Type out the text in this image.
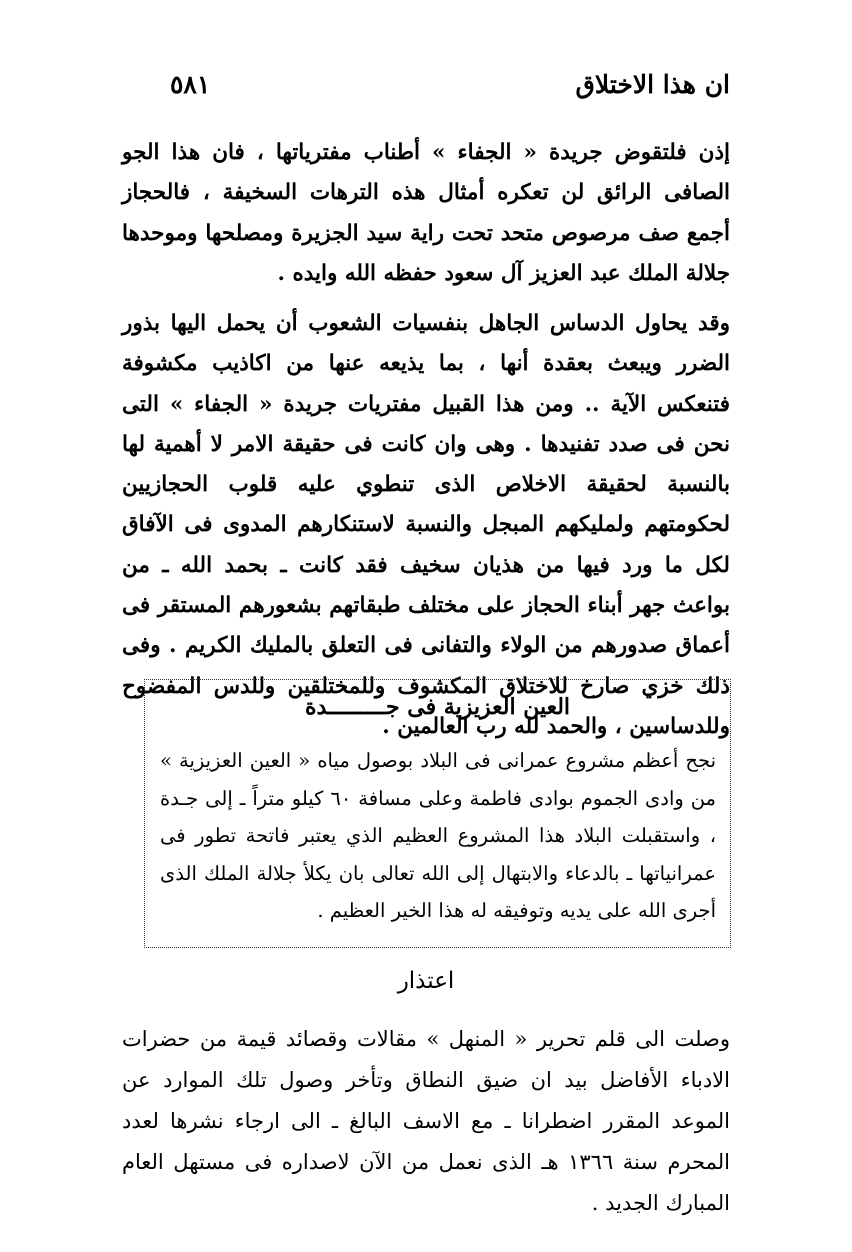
ان هذا الاختلاق
٥٨١

إذن فلتقوض جريدة « الجفاء » أطناب مفترياتها ، فان هذا الجو الصافى الرائق لن تعكره أمثال هذه الترهات السخيفة ، فالحجاز أجمع صف مرصوص متحد تحت راية سيد الجزيرة ومصلحها وموحدها جلالة الملك عبد العزيز آل سعود حفظه الله وايده .

وقد يحاول الدساس الجاهل بنفسيات الشعوب أن يحمل اليها بذور الضرر ويبعث بعقدة أنها ، بما يذيعه عنها من اكاذيب مكشوفة فتنعكس الآية .. ومن هذا القبيل مفتريات جريدة « الجفاء » التى نحن فى صدد تفنيدها . وهى وان كانت فى حقيقة الامر لا أهمية لها بالنسبة لحقيقة الاخلاص الذى تنطوي عليه قلوب الحجازيين لحكومتهم ولمليكهم المبجل والنسبة لاستنكارهم المدوى فى الآفاق لكل ما ورد فيها من هذيان سخيف فقد كانت ـ بحمد الله ـ من بواعث جهر أبناء الحجاز على مختلف طبقاتهم بشعورهم المستقر فى أعماق صدورهم من الولاء والتفانى فى التعلق بالمليك الكريم . وفى ذلك خزي صارخ للاختلاق المكشوف وللمختلقين وللدس المفضوح وللدساسين ، والحمد لله رب العالمين .

العين العزيزية فى جـــــــــدة

نجح أعظم مشروع عمرانى فى البلاد بوصول مياه « العين العزيزية » من وادى الجموم بوادى فاطمة وعلى مسافة ٦٠ كيلو متراً ـ إلى جـدة ، واستقبلت البلاد هذا المشروع العظيم الذي يعتبر فاتحة تطور فى عمرانياتها ـ بالدعاء والابتهال إلى الله تعالى بان يكلأ جلالة الملك الذى أجرى الله على يديه وتوفيقه له هذا الخير العظيم .

اعتذار

وصلت الى قلم تحرير « المنهل » مقالات وقصائد قيمة من حضرات الادباء الأفاضل بيد ان ضيق النطاق وتأخر وصول تلك الموارد عن الموعد المقرر اضطرانا ـ مع الاسف البالغ ـ الى ارجاء نشرها لعدد المحرم سنة ١٣٦٦ هـ الذى نعمل من الآن لاصداره فى مستهل العام المبارك الجديد .
